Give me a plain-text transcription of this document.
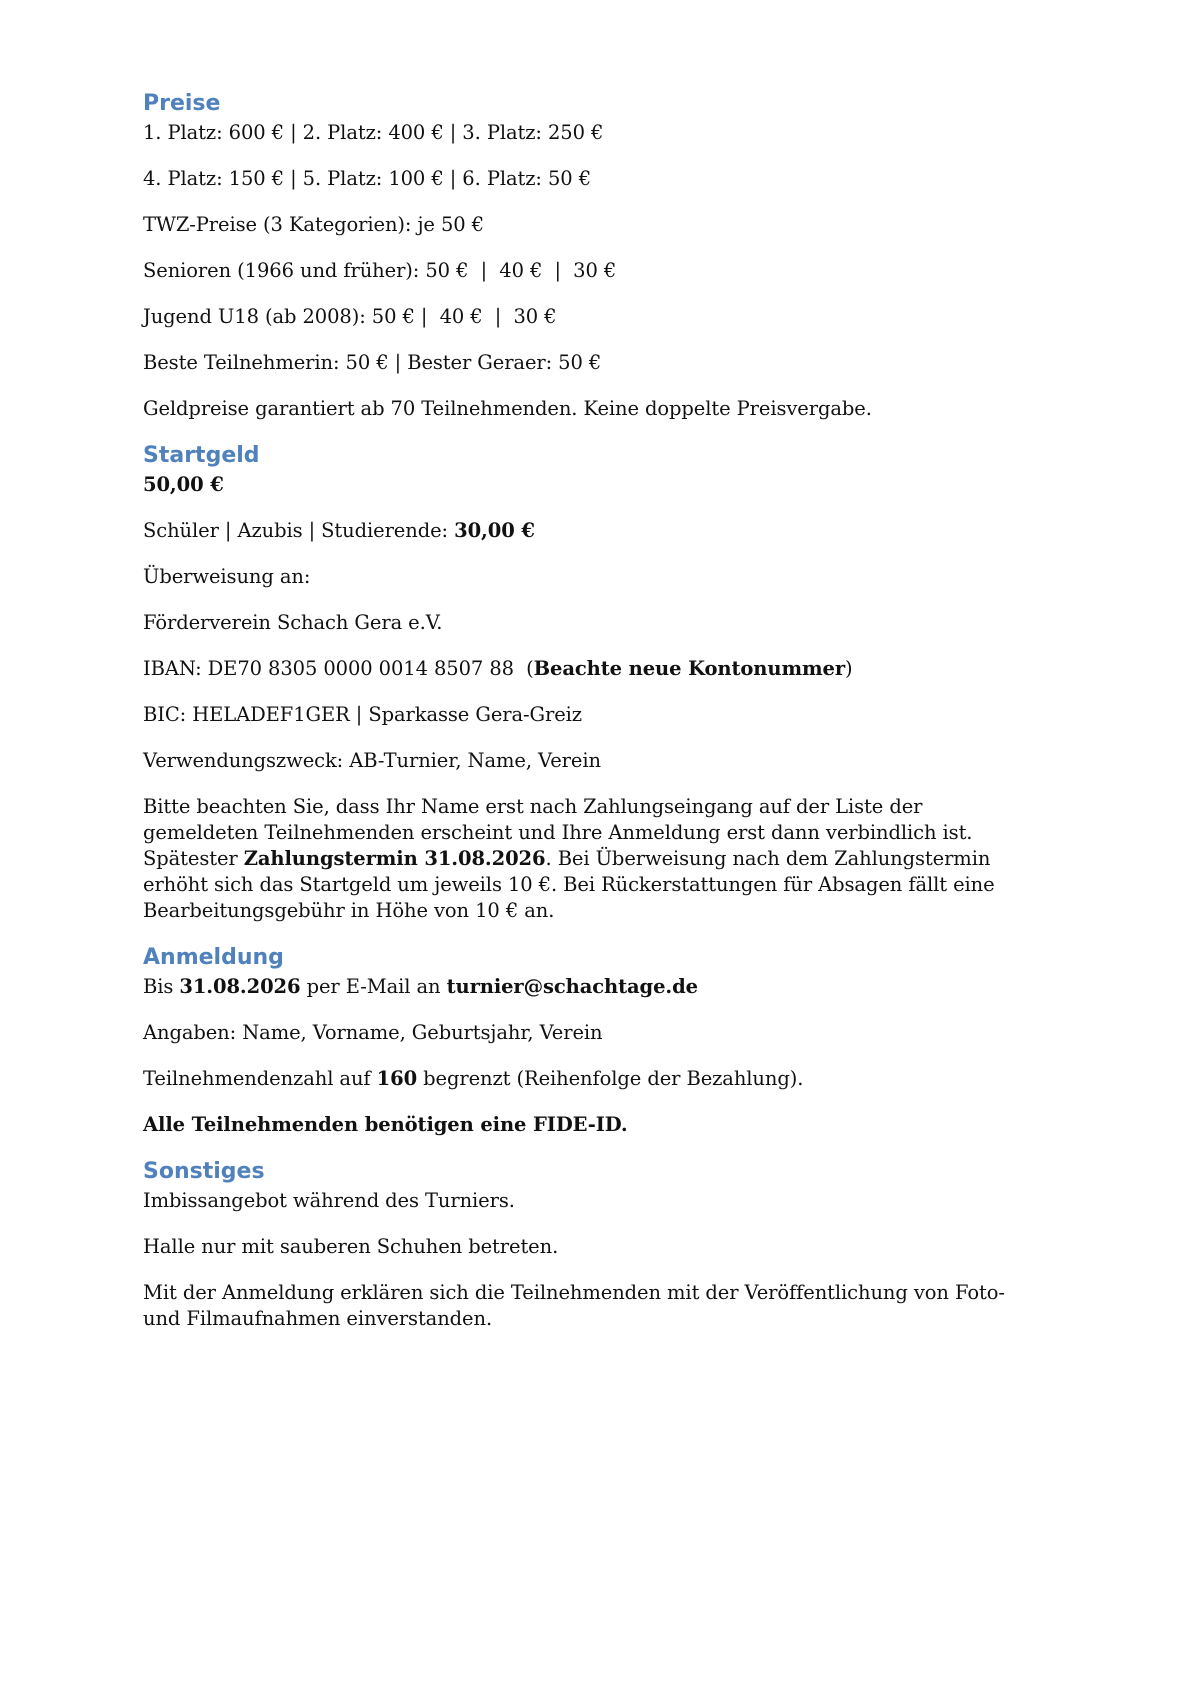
Preise

1. Platz: 600 € | 2. Platz: 400 € | 3. Platz: 250 €

4. Platz: 150 € | 5. Platz: 100 € | 6. Platz: 50 €

TWZ-Preise (3 Kategorien): je 50 €

Senioren (1966 und früher): 50 €  |  40 €  |  30 €

Jugend U18 (ab 2008): 50 € |  40 €  |  30 €

Beste Teilnehmerin: 50 € | Bester Geraer: 50 €

Geldpreise garantiert ab 70 Teilnehmenden. Keine doppelte Preisvergabe.

Startgeld

50,00 €

Schüler | Azubis | Studierende: 30,00 €

Überweisung an:

Förderverein Schach Gera e.V.

IBAN: DE70 8305 0000 0014 8507 88  (Beachte neue Kontonummer)

BIC: HELADEF1GER | Sparkasse Gera-Greiz

Verwendungszweck: AB-Turnier, Name, Verein

Bitte beachten Sie, dass Ihr Name erst nach Zahlungseingang auf der Liste der gemeldeten Teilnehmenden erscheint und Ihre Anmeldung erst dann verbindlich ist. Spätester Zahlungstermin 31.08.2026. Bei Überweisung nach dem Zahlungstermin erhöht sich das Startgeld um jeweils 10 €. Bei Rückerstattungen für Absagen fällt eine Bearbeitungsgebühr in Höhe von 10 € an.

Anmeldung

Bis 31.08.2026 per E-Mail an turnier@schachtage.de

Angaben: Name, Vorname, Geburtsjahr, Verein

Teilnehmendenzahl auf 160 begrenzt (Reihenfolge der Bezahlung).

Alle Teilnehmenden benötigen eine FIDE-ID.

Sonstiges

Imbissangebot während des Turniers.

Halle nur mit sauberen Schuhen betreten.

Mit der Anmeldung erklären sich die Teilnehmenden mit der Veröffentlichung von Foto- und Filmaufnahmen einverstanden.
